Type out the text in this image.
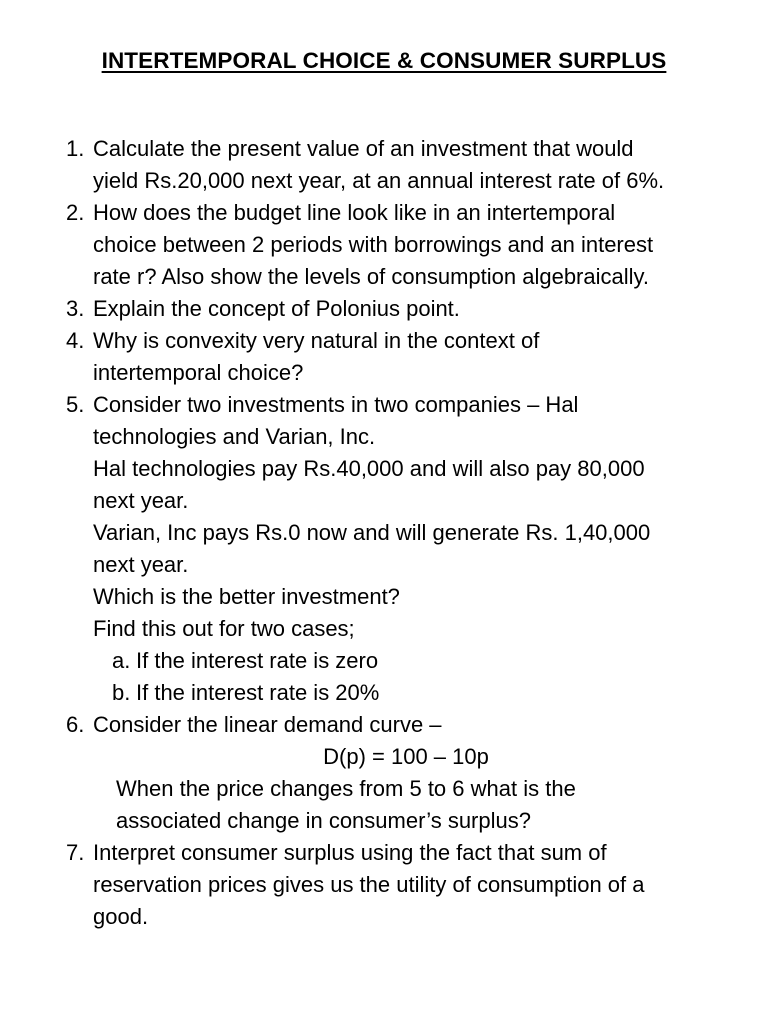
INTERTEMPORAL CHOICE & CONSUMER SURPLUS
1. Calculate the present value of an investment that would
yield Rs.20,000 next year, at an annual interest rate of 6%.
2. How does the budget line look like in an intertemporal
choice between 2 periods with borrowings and an interest
rate r? Also show the levels of consumption algebraically.
3. Explain the concept of Polonius point.
4. Why is convexity very natural in the context of
intertemporal choice?
5. Consider two investments in two companies – Hal
technologies and Varian, Inc.
Hal technologies pay Rs.40,000 and will also pay 80,000
next year.
Varian, Inc pays Rs.0 now and will generate Rs. 1,40,000
next year.
Which is the better investment?
Find this out for two cases;
a. If the interest rate is zero
b. If the interest rate is 20%
6. Consider the linear demand curve –
D(p) = 100 – 10p
When the price changes from 5 to 6 what is the
associated change in consumer’s surplus?
7. Interpret consumer surplus using the fact that sum of
reservation prices gives us the utility of consumption of a
good.
